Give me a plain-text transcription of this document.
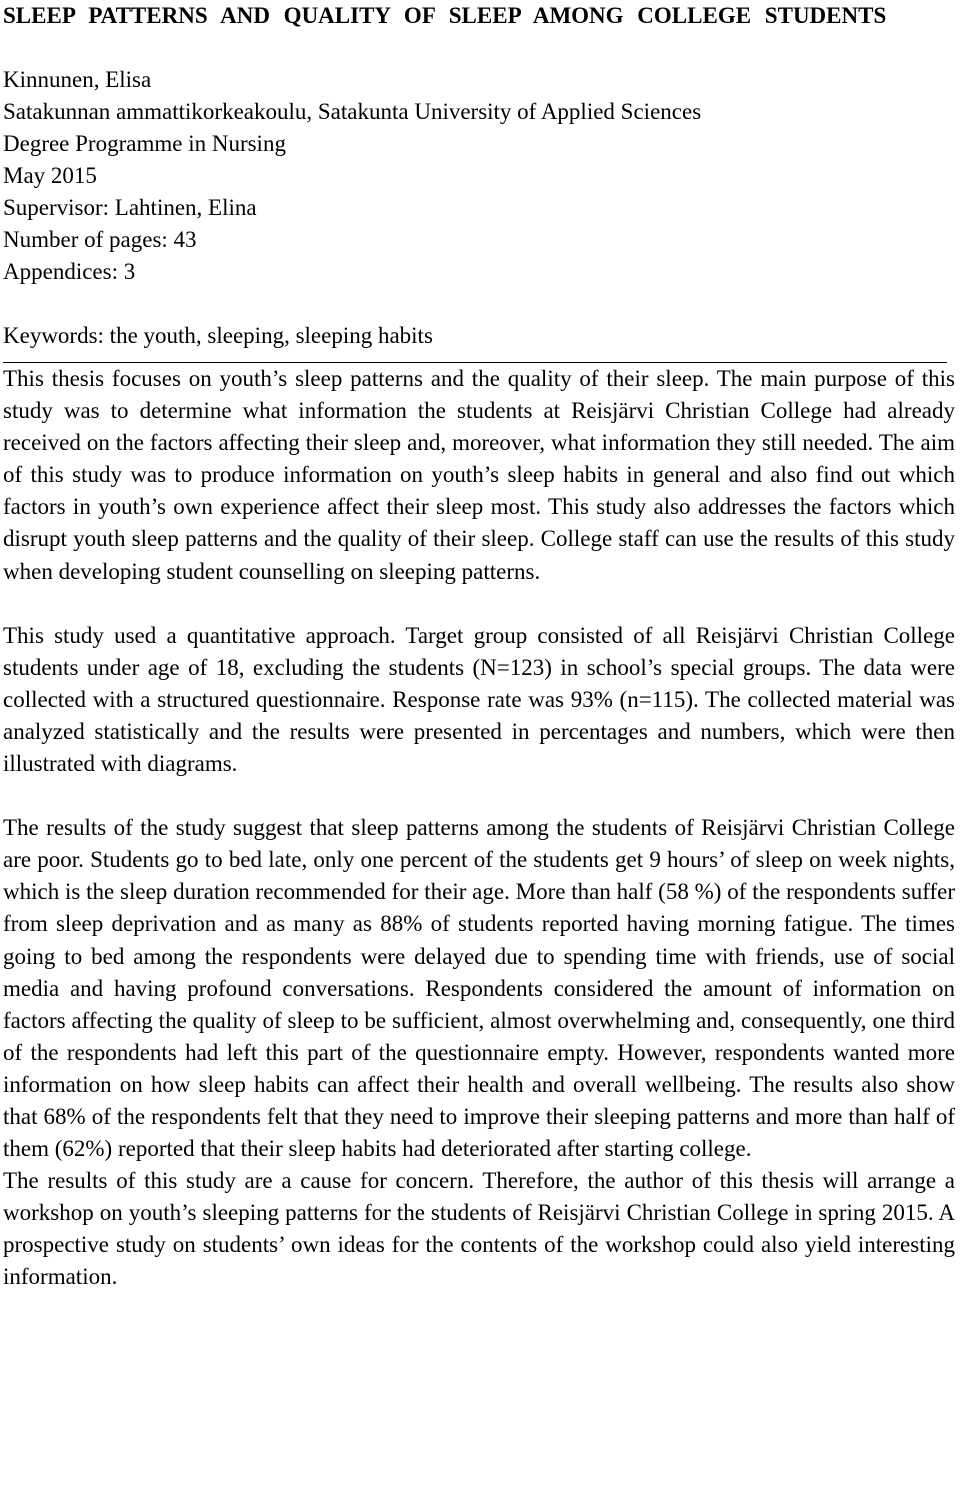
SLEEP PATTERNS AND QUALITY OF SLEEP AMONG COLLEGE STUDENTS
Kinnunen, Elisa
Satakunnan ammattikorkeakoulu, Satakunta University of Applied Sciences
Degree Programme in Nursing
May 2015
Supervisor: Lahtinen, Elina
Number of pages: 43
Appendices: 3

Keywords: the youth, sleeping, sleeping habits

This thesis focuses on youth’s sleep patterns and the quality of their sleep. The main purpose of this study was to determine what information the students at Reisjärvi Christian College had already received on the factors affecting their sleep and, moreover, what information they still needed. The aim of this study was to produce information on youth’s sleep habits in general and also find out which factors in youth’s own experience affect their sleep most. This study also addresses the factors which disrupt youth sleep patterns and the quality of their sleep. College staff can use the results of this study when developing student counselling on sleeping patterns.

This study used a quantitative approach. Target group consisted of all Reisjärvi Christian College students under age of 18, excluding the students (N=123) in school’s special groups. The data were collected with a structured questionnaire. Response rate was 93% (n=115). The collected material was analyzed statistically and the results were presented in percentages and numbers, which were then illustrated with diagrams.

The results of the study suggest that sleep patterns among the students of Reisjärvi Christian College are poor. Students go to bed late, only one percent of the students get 9 hours’ of sleep on week nights, which is the sleep duration recommended for their age. More than half (58 %) of the respondents suffer from sleep deprivation and as many as 88% of students reported having morning fatigue. The times going to bed among the respondents were delayed due to spending time with friends, use of social media and having profound conversations. Respondents considered the amount of information on factors affecting the quality of sleep to be sufficient, almost overwhelming and, consequently, one third of the respondents had left this part of the questionnaire empty. However, respondents wanted more information on how sleep habits can affect their health and overall wellbeing. The results also show that 68% of the respondents felt that they need to improve their sleeping patterns and more than half of them (62%) reported that their sleep habits had deteriorated after starting college.

The results of this study are a cause for concern. Therefore, the author of this thesis will arrange a workshop on youth’s sleeping patterns for the students of Reisjärvi Christian College in spring 2015. A prospective study on students’ own ideas for the contents of the workshop could also yield interesting information.
